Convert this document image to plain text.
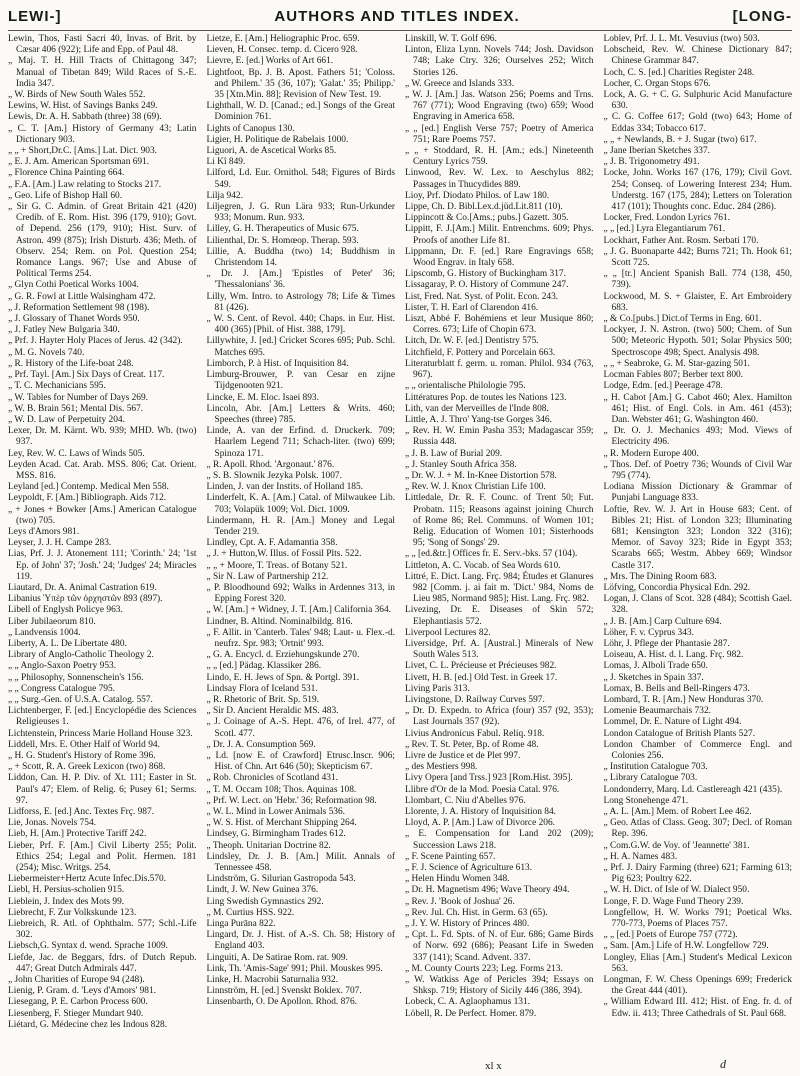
LEWI-]	AUTHORS AND TITLES INDEX.	[LONG-

Lewin, Thos, Fasti Sacri 40, Invas. of Brit. by Cæsar 406 (922); Life and Epp. of Paul 48.

„ Maj. T. H. Hill Tracts of Chittagong 347; Manual of Tibetan 849; Wild Races of S.-E. India 347.

„ W. Birds of New South Wales 552.

Lewins, W. Hist. of Savings Banks 249.

Lewis, Dr. A. H. Sabbath (three) 38 (69).

„ C. T. [Am.] History of Germany 43; Latin Dictionary 903.

„ „ + Short,Dr.C. [Ams.] Lat. Dict. 903.

„ E. J. Am. American Sportsman 691.

„ Florence China Painting 664.

„ F.A. [Am.] Law relating to Stocks 217.

„ Geo. Life of Bishop Hall 60.

„ Sir G. C. Admin. of Great Britain 421 (420) Credib. of E. Rom. Hist. 396 (179, 910); Govt. of Depend. 256 (179, 910); Hist. Surv. of Astron. 499 (875); Irish Disturb. 436; Meth. of Observ. 254; Rem. on Pol. Question 254; Romance Langs. 967; Use and Abuse of Political Terms 254.

„ Glyn Cothi Poetical Works 1004.

„ G. R. Fowl at Little Walsingham 472.

„ J. Reformation Settlement 98 (198).

„ J. Glossary of Thanet Words 950.

„ J. Fatley New Bulgaria 340.

„ Prf. J. Hayter Holy Places of Jerus. 42 (342).

„ M. G. Novels 740.

„ R. History of the Life-boat 248.

„ Prf. Tayl. [Am.] Six Days of Creat. 117.

„ T. C. Mechanicians 595.

„ W. Tables for Number of Days 269.

„ W. B. Brain 561; Mental Dis. 567.

„ W. D. Law of Perpetuity 204.

Lexer, Dr. M. Kärnt. Wb. 939; MHD. Wb. (two) 937.

Ley, Rev. W. C. Laws of Winds 505.

Leyden Acad. Cat. Arab. MSS. 806; Cat. Orient. MSS. 816.

Leyland [ed.] Contemp. Medical Men 558.

Leypoldt, F. [Am.] Bibliograph. Aids 712.

„ + Jones + Bowker [Ams.] American Catalogue (two) 705.

Leys d'Amors 981.

Leyser, J. J. H. Campe 283.

Lias, Prf. J. J. Atonement 111; 'Corinth.' 24; '1st Ep. of John' 37; 'Josh.' 24; 'Judges' 24; Miracles 119.

Liautard, Dr. A. Animal Castration 619.

Libanius Ὑπὲρ τῶν ὀρχηστῶν 893 (897).

Libell of Englysh Policye 963.

Liber Jubilaeorum 810.

„ Landvensis 1004.

Liberty, A. L. De Libertate 480.

Library of Anglo-Catholic Theology 2.

„ „ Anglo-Saxon Poetry 953.

„ „ Philosophy, Sonnenschein's 156.

„ „ Congress Catalogue 795.

„ „ Surg.-Gen. of U.S.A. Catalog. 557.

Lichtenberger, F. [ed.] Encyclopédie des Sciences Religieuses 1.

Lichtenstein, Princess Marie Holland House 323.

Liddell, Mrs. E. Other Half of World 94.

„ H. G. Student's History of Rome 396.

„ + Scott, R. A. Greek Lexicon (two) 868.

Liddon, Can. H. P. Div. of Xt. 111; Easter in St. Paul's 47; Elem. of Relig. 6; Pusey 61; Serms. 97.

Lidforss, E. [ed.] Anc. Textes Frç. 987.

Lie, Jonas. Novels 754.

Lieb, H. [Am.] Protective Tariff 242.

Lieber, Prf. F. [Am.] Civil Liberty 255; Polit. Ethics 254; Legal and Polit. Hermen. 181 (254); Misc. Writgs. 254.

Liebermeister+Hertz Acute Infec.Dis.570.

Liebl, H. Persius-scholien 915.

Lieblein, J. Index des Mots 99.

Liebrecht, F. Zur Volkskunde 123.

Liebreich, R. Atl. of Ophthalm. 577; Schl.-Life 302.

Liebsch,G. Syntax d. wend. Sprache 1009.

Liefde, Jac. de Beggars, fdrs. of Dutch Repub. 447; Great Dutch Admirals 447.

„ John Charities of Europe 94 (248).

Lienig, P. Gram. d. 'Leys d'Amors' 981.

Liesegang, P. E. Carbon Process 600.

Liesenberg, F. Stieger Mundart 940.

Liétard, G. Médecine chez les Indous 828.

Lietze, E. [Am.] Heliographic Proc. 659.

Lieven, H. Consec. temp. d. Cicero 928.

Lievre, E. [ed.] Works of Art 661.

Lightfoot, Bp. J. B. Apost. Fathers 51; 'Coloss. and Philem.' 35 (36, 107); 'Galat.' 35; Philipp.' 35 [Xtn.Min. 88]; Revision of New Test. 19.

Lighthall, W. D. [Canad.; ed.] Songs of the Great Dominion 761.

Lights of Canopus 130.

Ligier, H. Politique de Rabelais 1000.

Liguori, A. de Ascetical Works 85.

Li Kî 849.

Lilford, Ld. Eur. Ornithol. 548; Figures of Birds 549.

Lilja 942.

Liljegren, J. G. Run Lära 933; Run-Urkunder 933; Monum. Run. 933.

Lilley, G. H. Therapeutics of Music 675.

Lilienthal, Dr. S. Homœop. Therap. 593.

Lillie, A. Buddha (two) 14; Buddhism in Christendom 14.

„ Dr. J. [Am.] 'Epistles of Peter' 36; 'Thessalonians' 36.

Lilly, Wm. Intro. to Astrology 78; Life & Times 81 (426).

„ W. S. Cent. of Revol. 440; Chaps. in Eur. Hist. 400 (365) [Phil. of Hist. 388, 179].

Lillywhite, J. [ed.] Cricket Scores 695; Pub. Schl. Matches 695.

Limborch, P. à Hist. of Inquisition 84.

Limburg-Brouwer, P. van Cesar en zijne Tijdgenooten 921.

Lincke, E. M. Eloc. Isaei 893.

Lincoln, Abr. [Am.] Letters & Writs. 460; Speeches (three) 785.

Linde, A. van der Erfind. d. Druckerk. 709; Haarlem Legend 711; Schach-liter. (two) 699; Spinoza 171.

„ R. Apoll. Rhod. 'Argonaut.' 876.

„ S. B. Slownik Jezyka Polsk. 1007.

Linden, J. van der Instits. of Holland 185.

Linderfelt, K. A. [Am.] Catal. of Milwaukee Lib. 703; Volapük 1009; Vol. Dict. 1009.

Lindermann, H. R. [Am.] Money and Legal Tender 219.

Lindley, Cpt. A. F. Adamantia 358.

„ J. + Hutton,W. Illus. of Fossil Plts. 522.

„ „ + Moore, T. Treas. of Botany 521.

„ Sir N. Law of Partnership 212.

„ P. Bloodhound 692; Walks in Ardennes 313, in Epping Forest 320.

„ W. [Am.] + Widney, J. T. [Am.] California 364.

Lindner, B. Altind. Nominalbildg. 816.

„ F. Allit. in 'Canterb. Tales' 948; Laut- u. Flex.-d. neufrz. Spr. 983; 'Ortnit' 993.

„ G. A. Encycl. d. Erziehungskunde 270.

„ „ [ed.] Pädag. Klassiker 286.

Lindo, E. H. Jews of Spn. & Portgl. 391.

Lindsay Flora of Iceland 531.

„ R. Rhetoric of Brit. Sp. 519.

„ Sir D. Ancient Heraldic MS. 483.

„ J. Coinage of A.-S. Hept. 476, of Irel. 477, of Scotl. 477.

„ Dr. J. A. Consumption 569.

„ Ld. [now E. of Crawford] Etrusc.Inscr. 906; Hist. of Chn. Art 646 (50); Skepticism 67.

„ Rob. Chronicles of Scotland 431.

„ T. M. Occam 108; Thos. Aquinas 108.

„ Prf. W. Lect. on 'Hebr.' 36; Reformation 98.

„ W. L. Mind in Lower Animals 536.

„ W. S. Hist. of Merchant Shipping 264.

Lindsey, G. Birmingham Trades 612.

„ Theoph. Unitarian Doctrine 82.

Lindsley, Dr. J. B. [Am.] Milit. Annals of Tennessee 458.

Lindström, G. Silurian Gastropoda 543.

Lindt, J. W. New Guinea 376.

Ling Swedish Gymnastics 292.

„ M. Curtius HSS. 922.

Linga Purāna 822.

Lingard, Dr. J. Hist. of A.-S. Ch. 58; History of England 403.

Linguiti, A. De Satirae Rom. rat. 909.

Link, Th. 'Amis-Sage' 991; Phil. Mouskes 995.

Linke, H. Macrobii Saturnalia 932.

Linnström, H. [ed.] Svenskt Boklex. 707.

Linsenbarth, O. De Apollon. Rhod. 876.

Linskill, W. T. Golf 696.

Linton, Eliza Lynn. Novels 744; Josh. Davidson 748; Lake Ctry. 326; Ourselves 252; Witch Stories 126.

„ W. Greece and Islands 333.

„ W. J. [Am.] Jas. Watson 256; Poems and Trns. 767 (771); Wood Engraving (two) 659; Wood Engraving in America 658.

„ „ [ed.] English Verse 757; Poetry of America 751; Rare Poems 757.

„ „ + Stoddard, R. H. [Am.; eds.] Nineteenth Century Lyrics 759.

Linwood, Rev. W. Lex. to Aeschylus 882; Passages in Thucydides 889.

Lioy, Prf. Diodato Philos. of Law 180.

Lippe, Ch. D. Bibl.Lex.d.jüd.Lit.811 (10).

Lippincott & Co.[Ams.; pubs.] Gazett. 305.

Lippitt, F. J.[Am.] Milit. Entrenchms. 609; Phys. Proofs of another Life 81.

Lippmann, Dr. F. [ed.] Rare Engravings 658; Wood Engrav. in Italy 658.

Lipscomb, G. History of Buckingham 317.

Lissagaray, P. O. History of Commune 247.

List, Fred. Nat. Syst. of Polit. Econ. 243.

Lister, T. H. Earl of Clarendon 416.

Liszt, Abbé F. Bohémiens et leur Musique 860; Corres. 673; Life of Chopin 673.

Litch, Dr. W. F. [ed.] Dentistry 575.

Litchfield, F. Pottery and Porcelain 663.

Literaturblatt f. germ. u. roman. Philol. 934 (763, 967).

„ „ orientalische Philologie 795.

Littératures Pop. de toutes les Nations 123.

Lith, van der Merveilles de l'Inde 808.

Little, A. J. Thro' Yang-tse Gorges 346.

„ Rev. H. W. Emin Pasha 353; Madagascar 359; Russia 448.

„ J. B. Law of Burial 209.

„ J. Stanley South Africa 358.

„ Dr. W. J. + M. In-Knee Distortion 578.

„ Rev. W. J. Knox Christian Life 100.

Littledale, Dr. R. F. Counc. of Trent 50; Fut. Probatn. 115; Reasons against joining Church of Rome 86; Rel. Communs. of Women 101; Relig. Education of Women 101; Sisterhoods 95; 'Song of Songs' 29.

„ „ [ed.&tr.] Offices fr. E. Serv.-bks. 57 (104).

Littleton, A. C. Vocab. of Sea Words 610.

Littré, E. Dict. Lang. Frç. 984; Études et Glanures 982 [Comm. j. ai fait m. 'Dict.' 984, Noms de Lieu 985, Normand 985]; Hist. Lang. Frç. 982.

Livezing, Dr. E. Diseases of Skin 572; Elephantiasis 572.

Liverpool Lectures 82.

Liversidge, Prf. A. [Austral.] Minerals of New South Wales 513.

Livet, C. L. Précieuse et Précieuses 982.

Livett, H. B. [ed.] Old Test. in Greek 17.

Living Paris 313.

Livingstone, D. Railway Curves 597.

„ Dr. D. Expedn. to Africa (four) 357 (92, 353); Last Journals 357 (92).

Livius Andronicus Fabul. Reliq. 918.

„ Rev. T. St. Peter, Bp. of Rome 48.

Livre de Justice et de Plet 997.

„ des Mestiers 998.

Livy Opera [and Trss.] 923 [Rom.Hist. 395].

Llibre d'Or de la Mod. Poesia Catal. 976.

Llombart, C. Niu d'Abelles 976.

Llorente, J. A. History of Inquisition 84.

Lloyd, A. P. [Am.] Law of Divorce 206.

„ E. Compensation for Land 202 (209); Succession Laws 218.

„ F. Scene Painting 657.

„ F. J. Science of Agriculture 613.

„ Helen Hindu Women 348.

„ Dr. H. Magnetism 496; Wave Theory 494.

„ Rev. J. 'Book of Joshua' 26.

„ Rev. Jul. Ch. Hist. in Germ. 63 (65).

„ J. Y. W. History of Princes 480.

„ Cpt. L. Fd. Spts. of N. of Eur. 686; Game Birds of Norw. 692 (686); Peasant Life in Sweden 337 (141); Scand. Advent. 337.

„ M. County Courts 223; Leg. Forms 213.

„ W. Watkiss Age of Pericles 394; Essays on Shksp. 719; History of Sicily 446 (386, 394).

Lobeck, C. A. Aglaophamus 131.

Löbell, R. De Perfect. Homer. 879.

Loblev, Prf. J. L. Mt. Vesuvius (two) 503.

Lobscheid, Rev. W. Chinese Dictionary 847; Chinese Grammar 847.

Loch, C. S. [ed.] Charities Register 248.

Locher, C. Organ Stops 676.

Lock, A. G. + C. G. Sulphuric Acid Manufacture 630.

„ C. G. Coffee 617; Gold (two) 643; Home of Eddas 334; Tobacco 617.

„ „ + Newlands, B. + J. Sugar (two) 617.

„ Jane Iberian Sketches 337.

„ J. B. Trigonometry 491.

Locke, John. Works 167 (176, 179); Civil Govt. 254; Conseq. of Lowering Interest 234; Hum. Understg. 167 (175, 284); Letters on Toleration 417 (101); Thoughts conc. Educ. 284 (286).

Locker, Fred. London Lyrics 761.

„ „ [ed.] Lyra Elegantiarum 761.

Lockhart, Father Ant. Rosm. Serbati 170.

„ J. G. Buonaparte 442; Burns 721; Th. Hook 61; Scott 725.

„ „ [tr.] Ancient Spanish Ball. 774 (138, 450, 739).

Lockwood, M. S. + Glaister, E. Art Embroidery 683.

„ & Co.[pubs.] Dict.of Terms in Eng. 601.

Lockyer, J. N. Astron. (two) 500; Chem. of Sun 500; Meteoric Hypoth. 501; Solar Physics 500; Spectroscope 498; Spect. Analysis 498.

„ „ + Seabroke, G. M. Star-gazing 501.

Locman Fables 807; Berber text 800.

Lodge, Edm. [ed.] Peerage 478.

„ H. Cabot [Am.] G. Cabot 460; Alex. Hamilton 461; Hist. of Engl. Cols. in Am. 461 (453); Dan. Webster 461; G. Washington 460.

„ Dr. O. J. Mechanics 493; Mod. Views of Electricity 496.

„ R. Modern Europe 400.

„ Thos. Def. of Poetry 736; Wounds of Civil War 795 (774).

Lodiana Mission Dictionary & Grammar of Punjabi Language 833.

Loftie, Rev. W. J. Art in House 683; Cent. of Bibles 21; Hist. of London 323; Illuminating 681; Kensington 323; London 322 (316); Memor. of Savoy 323; Ride in Egypt 353; Scarabs 665; Westm. Abbey 669; Windsor Castle 317.

„ Mrs. The Dining Room 683.

Löfving, Concordia Physical Edn. 292.

Logan, J. Clans of Scot. 328 (484); Scottish Gael. 328.

„ J. B. [Am.] Carp Culture 694.

Löher, F. v. Cyprus 343.

Löhr, J. Pflege der Phantasie 287.

Loiseau, A. Hist. d. l. Lang. Frç. 982.

Lomas, J. Alboli Trade 650.

„ J. Sketches in Spain 337.

Lomax, B. Bells and Bell-Ringers 473.

Lombard, T. R. [Am.] New Honduras 370.

Lomenie Beaumarchais 732.

Lommel, Dr. E. Nature of Light 494.

London Catalogue of British Plants 527.

London Chamber of Commerce Engl. and Colonies 256.

„ Institution Catalogue 703.

„ Library Catalogue 703.

Londonderry, Marq. Ld. Castlereagh 421 (435).

Long Stonehenge 471.

„ A. L. [Am.] Mem. of Robert Lee 462.

„ Geo. Atlas of Class. Geog. 307; Decl. of Roman Rep. 396.

„ Com.G.W. de Voy. of 'Jeannette' 381.

„ H. A. Names 483.

„ Prf. J. Dairy Farming (three) 621; Farming 613; Pig 623; Poultry 622.

„ W. H. Dict. of Isle of W. Dialect 950.

Longe, F. D. Wage Fund Theory 239.

Longfellow, H. W. Works 791; Poetical Wks. 770-773, Poems of Places 757.

„ „ [ed.] Poets of Europe 757 (772).

„ Sam. [Am.] Life of H.W. Longfellow 729.

Longley, Elias [Am.] Student's Medical Lexicon 563.

Longman, F. W. Chess Openings 699; Frederick the Great 444 (401).

„ William Edward III. 412; Hist. of Eng. fr. d. of Edw. ii. 413; Three Cathedrals of St. Paul 668.

xl x	d
